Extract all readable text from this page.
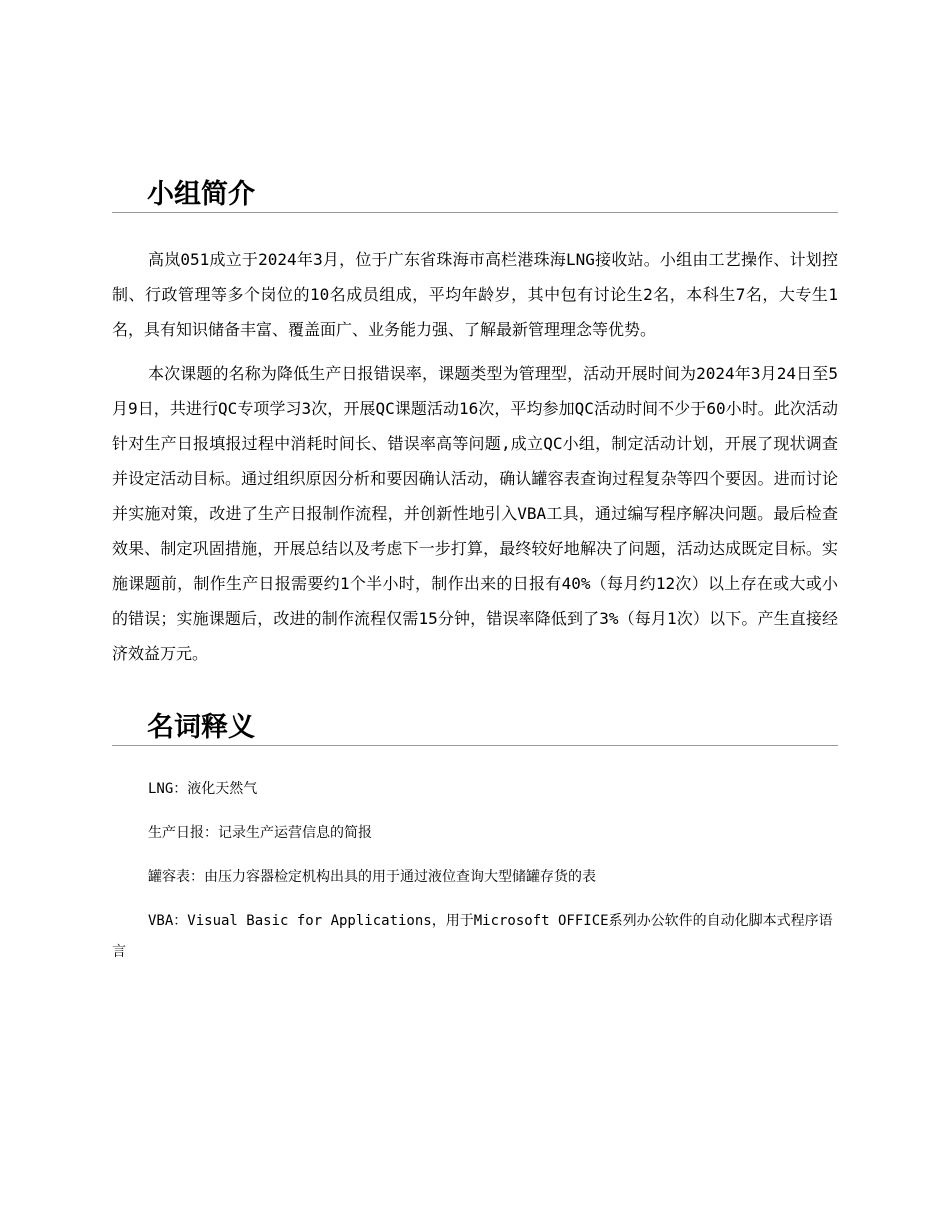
小组简介

高岚051成立于2024年3月，位于广东省珠海市高栏港珠海LNG接收站。小组由工艺操作、计划控制、行政管理等多个岗位的10名成员组成，平均年龄岁，其中包有讨论生2名，本科生7名，大专生1名，具有知识储备丰富、覆盖面广、业务能力强、了解最新管理理念等优势。

本次课题的名称为降低生产日报错误率，课题类型为管理型，活动开展时间为2024年3月24日至5月9日，共进行QC专项学习3次，开展QC课题活动16次，平均参加QC活动时间不少于60小时。此次活动针对生产日报填报过程中消耗时间长、错误率高等问题,成立QC小组，制定活动计划，开展了现状调查并设定活动目标。通过组织原因分析和要因确认活动，确认罐容表查询过程复杂等四个要因。进而讨论并实施对策，改进了生产日报制作流程，并创新性地引入VBA工具，通过编写程序解决问题。最后检查效果、制定巩固措施，开展总结以及考虑下一步打算，最终较好地解决了问题，活动达成既定目标。实施课题前，制作生产日报需要约1个半小时，制作出来的日报有40%（每月约12次）以上存在或大或小的错误；实施课题后，改进的制作流程仅需15分钟，错误率降低到了3%（每月1次）以下。产生直接经济效益万元。

名词释义

LNG：液化天然气

生产日报：记录生产运营信息的简报

罐容表：由压力容器检定机构出具的用于通过液位查询大型储罐存货的表

VBA：Visual Basic for Applications，用于Microsoft OFFICE系列办公软件的自动化脚本式程序语言
